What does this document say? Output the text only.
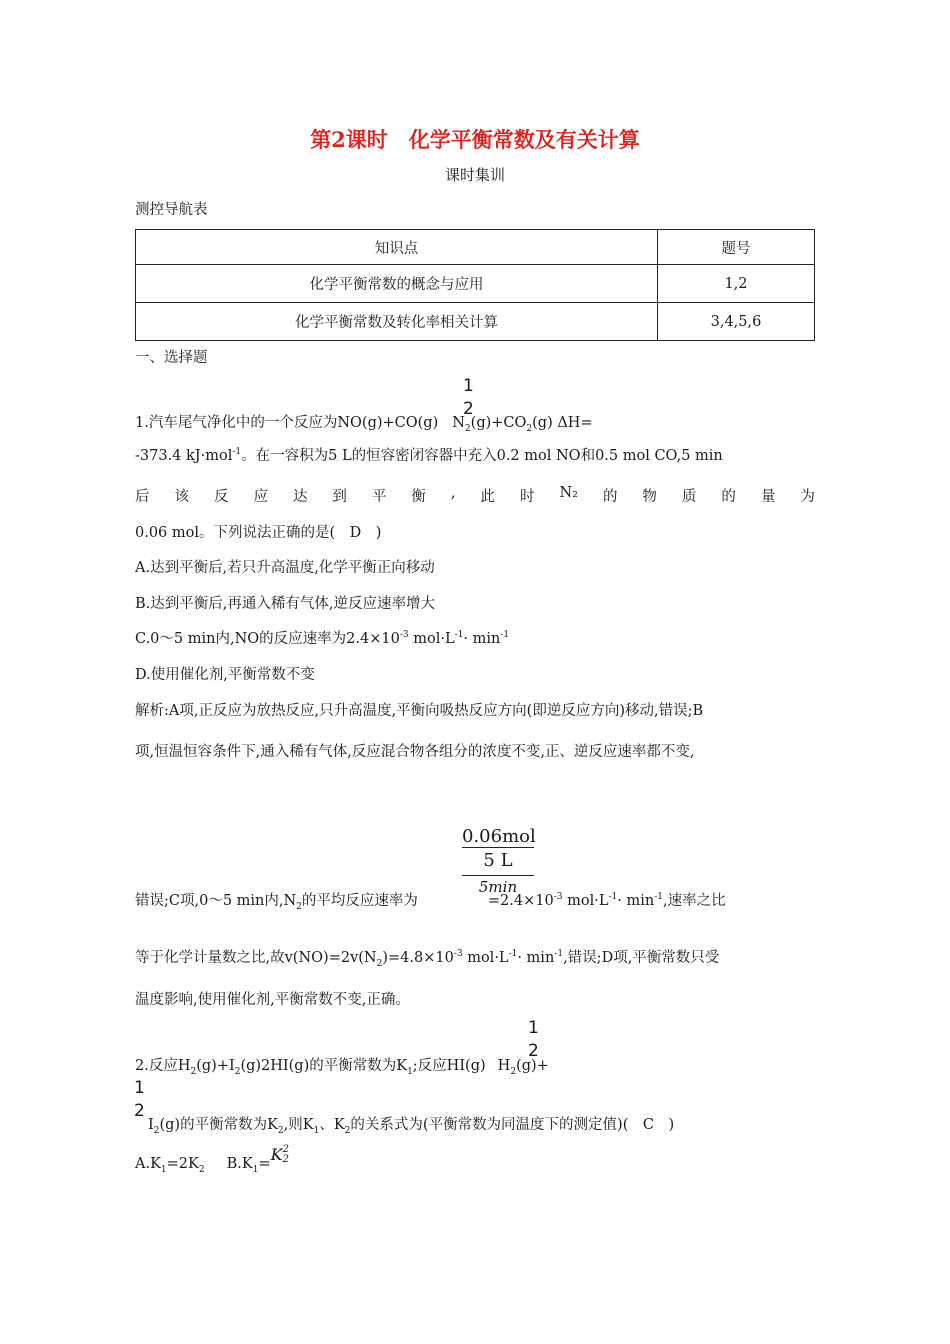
第2课时　化学平衡常数及有关计算
课时集训
测控导航表
知识点	题号
化学平衡常数的概念与应用	1,2
化学平衡常数及转化率相关计算	3,4,5,6
一、选择题
1
2
1.汽车尾气净化中的一个反应为NO(g)+CO(g) $N_2(g)+CO_2(g)$ ΔH=
-373.4 kJ·mol$^{-1}$。在一容积为5 L的恒容密闭容器中充入0.2 mol NO和0.5 mol CO,5 min
后 该 反 应 达 到 平 衡 , 此 时 N₂ 的 物 质 的 量 为
0.06 mol。下列说法正确的是(　D　)
A.达到平衡后,若只升高温度,化学平衡正向移动
B.达到平衡后,再通入稀有气体,逆反应速率增大
C.0～5 min内,NO的反应速率为$2.4\times 10^{-3}$ $mol\cdot L^{-1}\cdot \min^{-1}$
D.使用催化剂,平衡常数不变
解析:A项,正反应为放热反应,只升高温度,平衡向吸热反应方向(即逆反应方向)移动,错误;B
项,恒温恒容条件下,通入稀有气体,反应混合物各组分的浓度不变,正、逆反应速率都不变,
0.06mol
5 L
5min
错误;C项,0～5 min内$,N_2$的平均反应速率为	$=2.4\times 10^{-3}$ $mol\cdot L^{-1}\cdot \min^{-1}$,速率之比
等于化学计量数之比,故$v(NO)=2v(N_2)=4.8\times 10^{-3}$ $mol\cdot L^{-1}\cdot \min^{-1}$,错误;D项,平衡常数只受
温度影响,使用催化剂,平衡常数不变,正确。
1
2
2.反应$H_2(g)+I_2(g)2HI(g)$的平衡常数为$K_1$;反应HI(g) $H_2(g)+$
1
2
$I_2(g)$的平衡常数为$K_2$,则$K_1$、$K_2$的关系式为(平衡常数为同温度下的测定值)(　C　)
$A.K_1=2K_2$ $B.K_1=K$ 2
2
